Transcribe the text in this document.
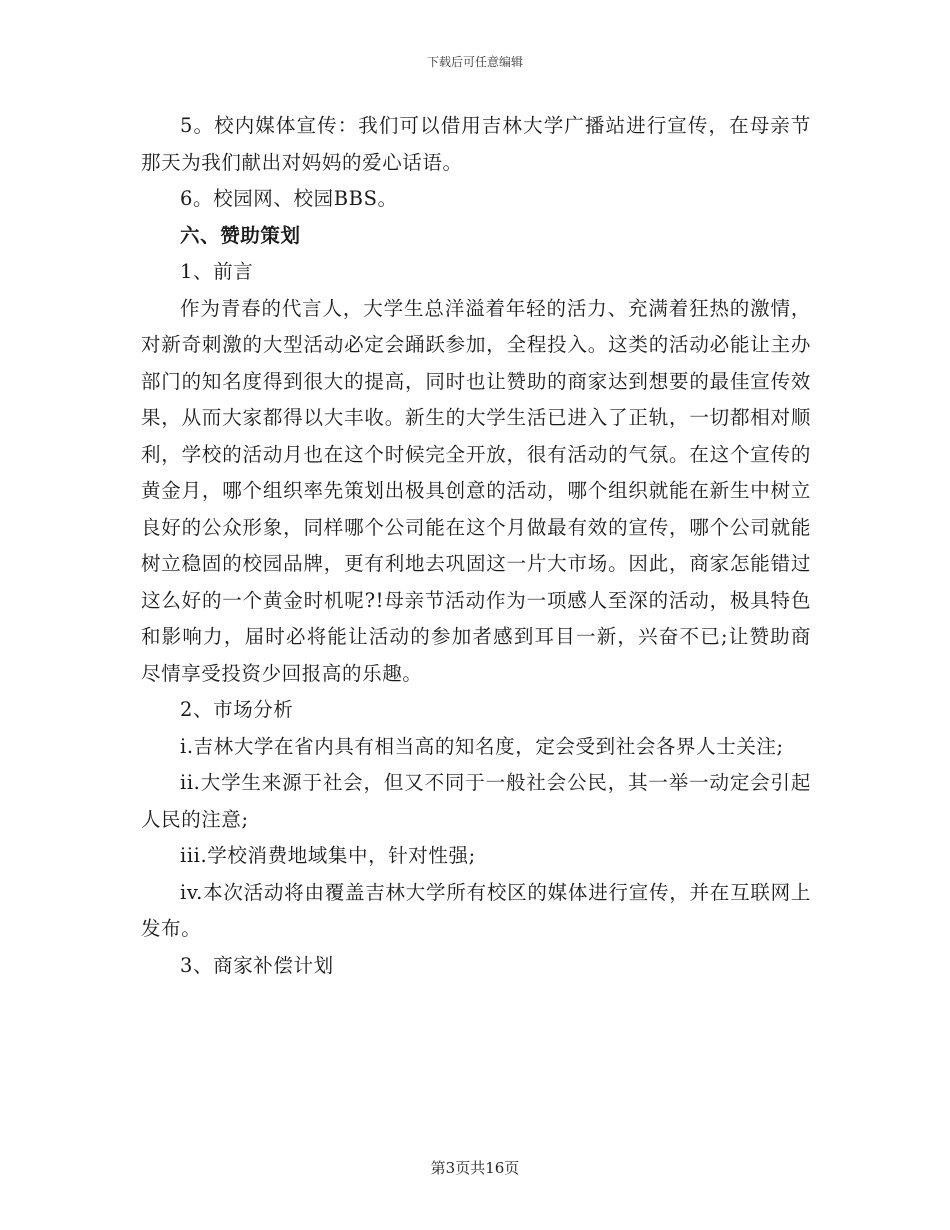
下载后可任意编辑

5。校内媒体宣传：我们可以借用吉林大学广播站进行宣传，在母亲节那天为我们献出对妈妈的爱心话语。

6。校园网、校园BBS。

六、赞助策划

1、前言

作为青春的代言人，大学生总洋溢着年轻的活力、充满着狂热的激情，对新奇刺激的大型活动必定会踊跃参加，全程投入。这类的活动必能让主办部门的知名度得到很大的提高，同时也让赞助的商家达到想要的最佳宣传效果，从而大家都得以大丰收。新生的大学生活已进入了正轨，一切都相对顺利，学校的活动月也在这个时候完全开放，很有活动的气氛。在这个宣传的黄金月，哪个组织率先策划出极具创意的活动，哪个组织就能在新生中树立良好的公众形象，同样哪个公司能在这个月做最有效的宣传，哪个公司就能树立稳固的校园品牌，更有利地去巩固这一片大市场。因此，商家怎能错过这么好的一个黄金时机呢?!母亲节活动作为一项感人至深的活动，极具特色和影响力，届时必将能让活动的参加者感到耳目一新，兴奋不已;让赞助商尽情享受投资少回报高的乐趣。

2、市场分析

i.吉林大学在省内具有相当高的知名度，定会受到社会各界人士关注;

ii.大学生来源于社会，但又不同于一般社会公民，其一举一动定会引起人民的注意;

iii.学校消费地域集中，针对性强;

iv.本次活动将由覆盖吉林大学所有校区的媒体进行宣传，并在互联网上发布。

3、商家补偿计划

第3页共16页
